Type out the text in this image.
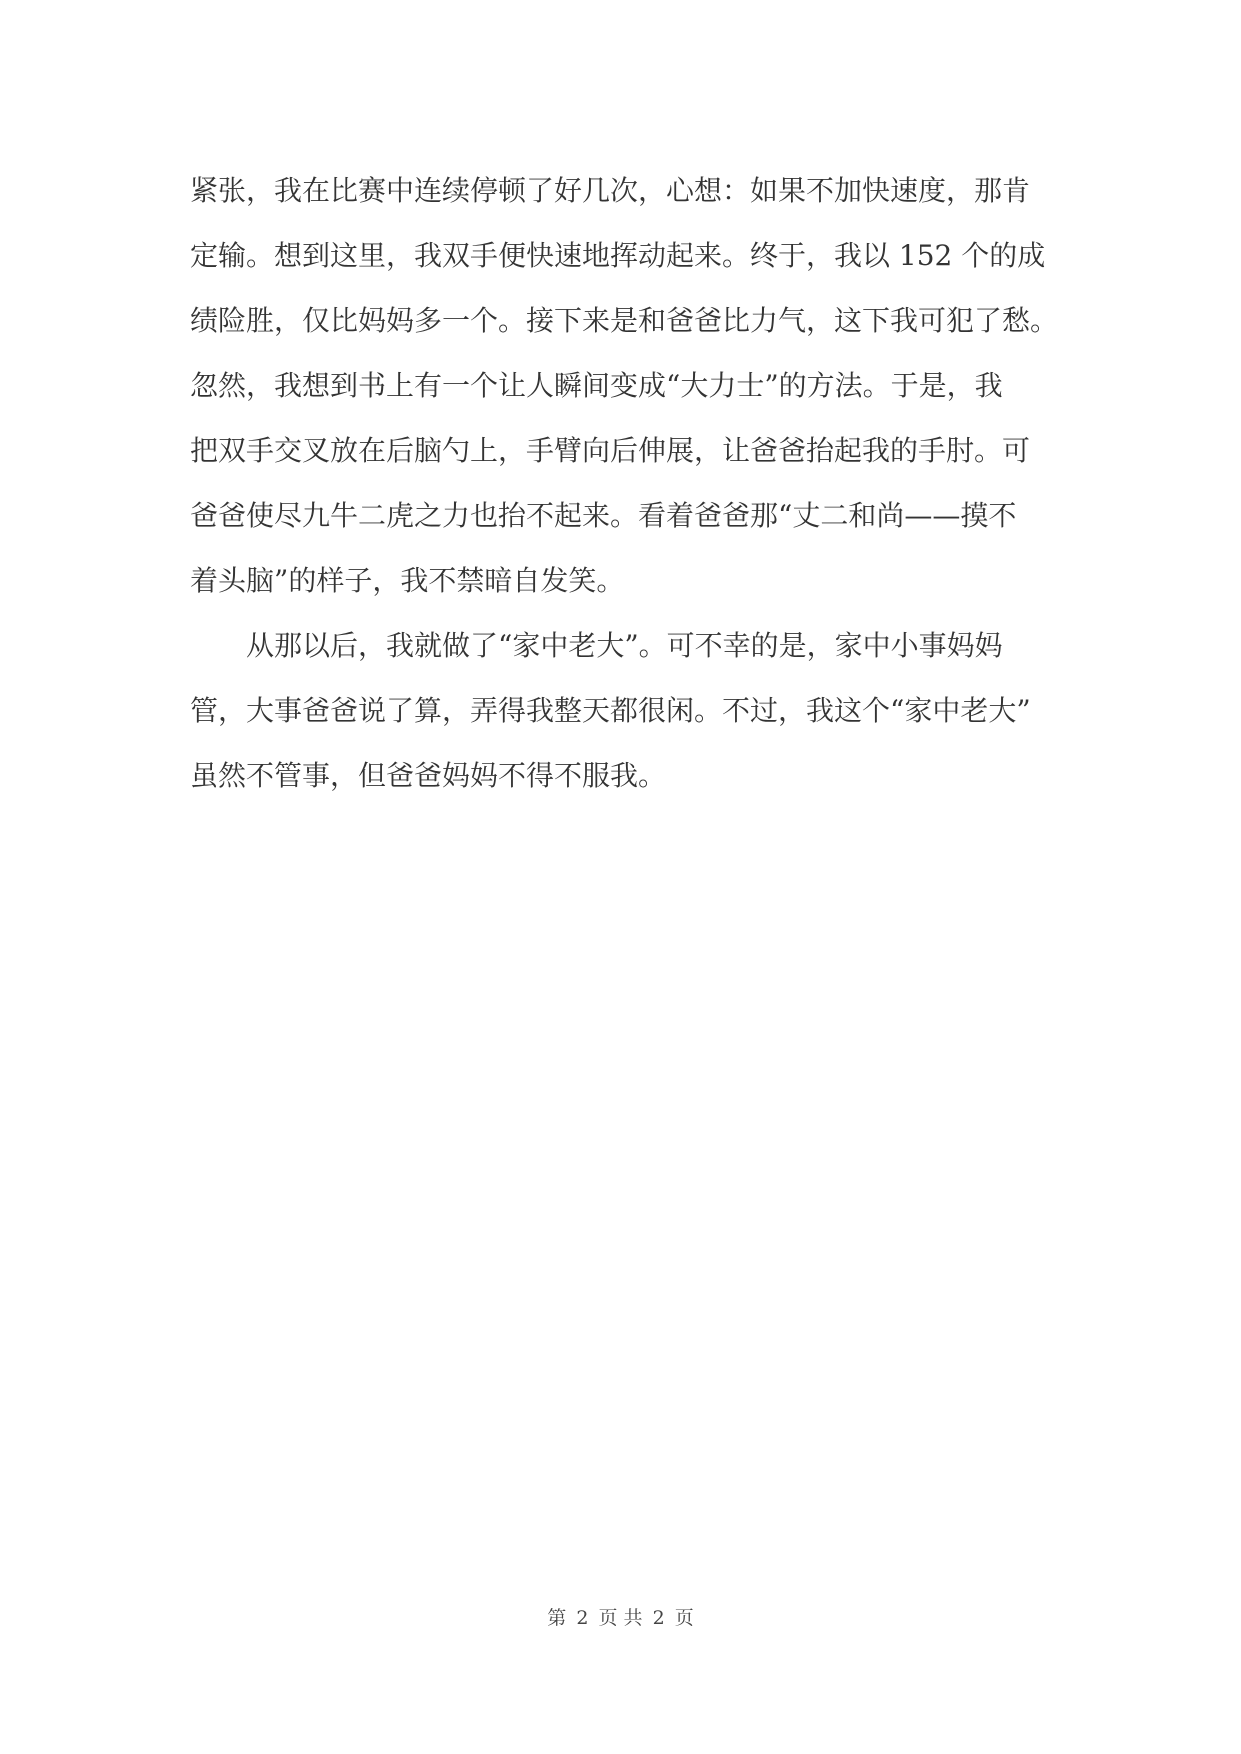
紧张，我在比赛中连续停顿了好几次，心想：如果不加快速度，那肯
定输。想到这里，我双手便快速地挥动起来。终于，我以 152 个的成
绩险胜，仅比妈妈多一个。接下来是和爸爸比力气，这下我可犯了愁。
忽然，我想到书上有一个让人瞬间变成“大力士”的方法。于是，我
把双手交叉放在后脑勺上，手臂向后伸展，让爸爸抬起我的手肘。可
爸爸使尽九牛二虎之力也抬不起来。看着爸爸那“丈二和尚——摸不
着头脑”的样子，我不禁暗自发笑。
　　从那以后，我就做了“家中老大”。可不幸的是，家中小事妈妈
管，大事爸爸说了算，弄得我整天都很闲。不过，我这个“家中老大”
虽然不管事，但爸爸妈妈不得不服我。
第 2 页 共 2 页
